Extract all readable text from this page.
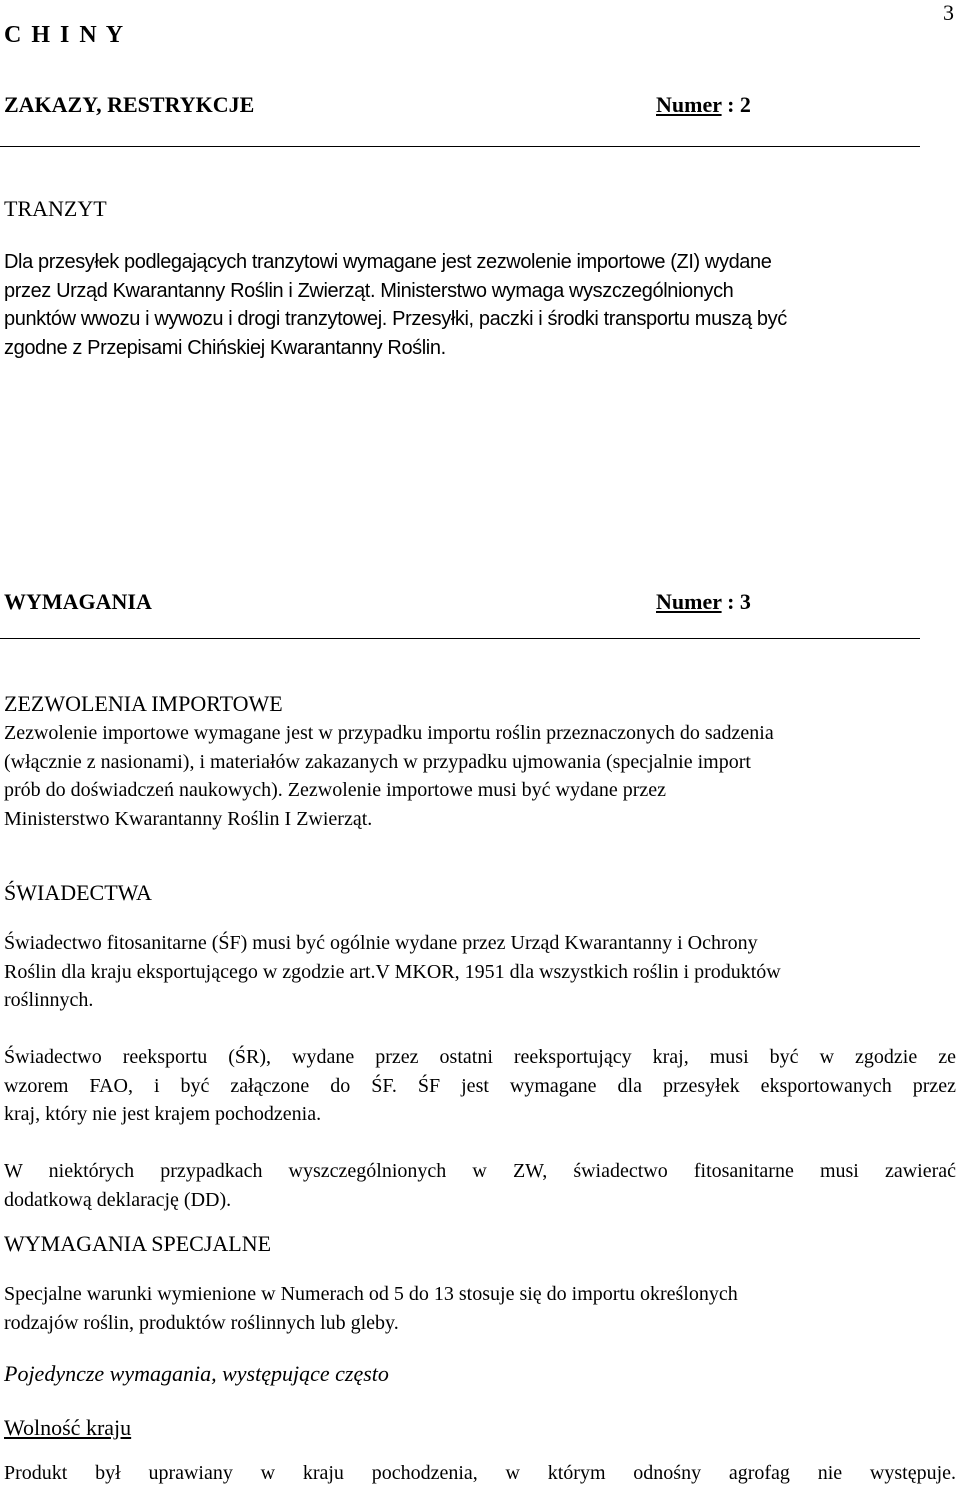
3
C H I N Y
ZAKAZY, RESTRYKCJE	Numer : 2
TRANZYT
Dla przesyłek podlegających tranzytowi wymagane jest zezwolenie importowe (ZI) wydane
przez Urząd Kwarantanny Roślin i Zwierząt. Ministerstwo wymaga wyszczególnionych
punktów wwozu i wywozu i drogi tranzytowej. Przesyłki, paczki i środki transportu muszą być
zgodne z Przepisami Chińskiej Kwarantanny Roślin.
WYMAGANIA	Numer : 3
ZEZWOLENIA IMPORTOWE
Zezwolenie importowe wymagane jest w przypadku importu roślin przeznaczonych do sadzenia
(włącznie z nasionami), i materiałów zakazanych w przypadku ujmowania (specjalnie import
prób do doświadczeń naukowych). Zezwolenie importowe musi być wydane przez
Ministerstwo Kwarantanny Roślin I Zwierząt.
ŚWIADECTWA
Świadectwo fitosanitarne (ŚF) musi być ogólnie wydane przez Urząd Kwarantanny i Ochrony
Roślin dla kraju eksportującego w zgodzie art.V MKOR, 1951 dla wszystkich roślin i produktów
roślinnych.
Świadectwo reeksportu (ŚR), wydane przez ostatni reeksportujący kraj, musi być w zgodzie ze
wzorem FAO, i być załączone do ŚF. ŚF jest wymagane dla przesyłek eksportowanych przez
kraj, który nie jest krajem pochodzenia.
W niektórych przypadkach wyszczególnionych w ZW, świadectwo fitosanitarne musi zawierać
dodatkową deklarację (DD).
WYMAGANIA SPECJALNE
Specjalne warunki wymienione w Numerach od 5 do 13 stosuje się do importu określonych
rodzajów roślin, produktów roślinnych lub gleby.
Pojedyncze wymagania, występujące często
Wolność kraju
Produkt był uprawiany w kraju pochodzenia, w którym odnośny agrofag nie występuje.
